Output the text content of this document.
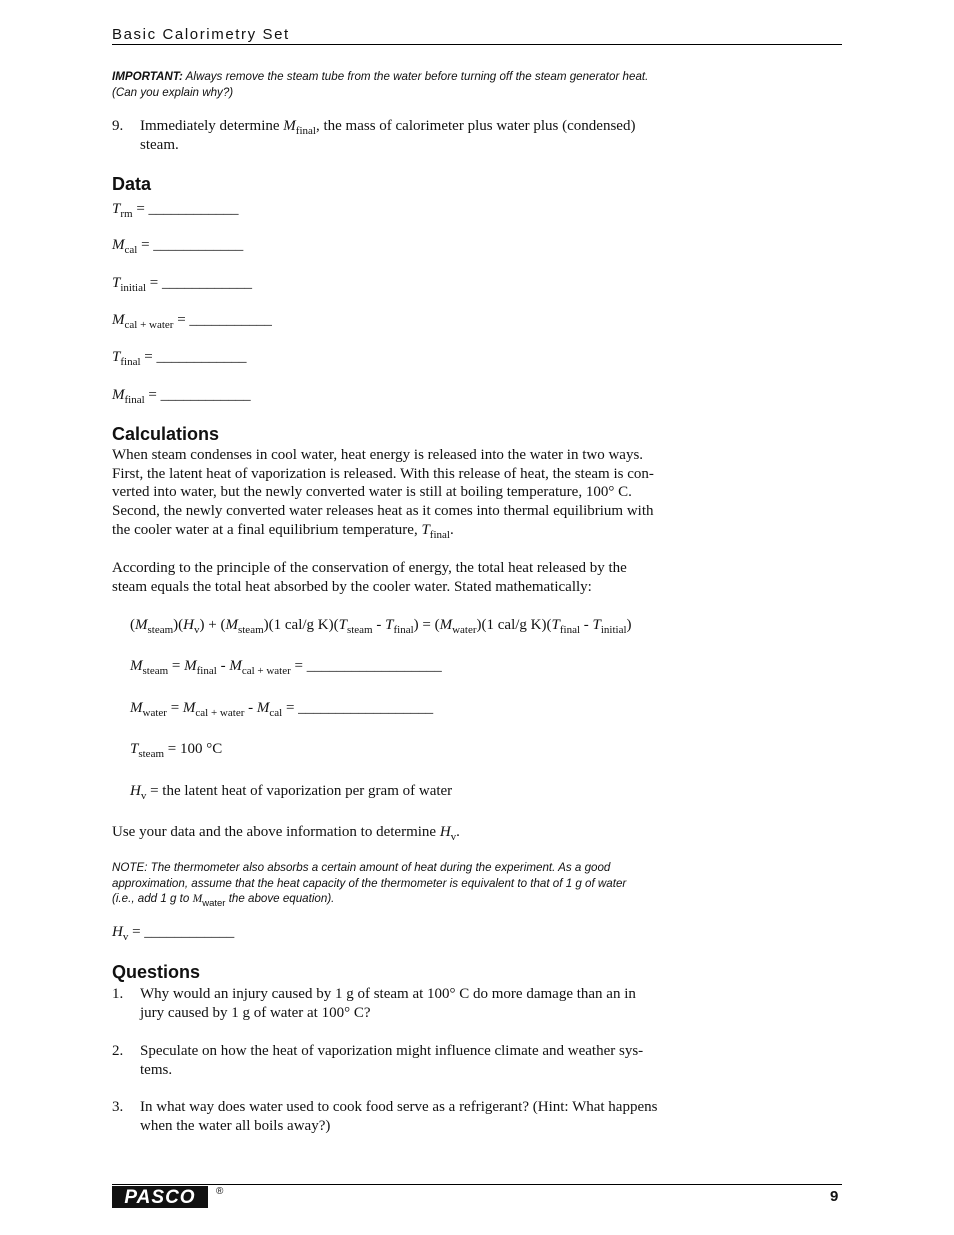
Basic Calorimetry Set
IMPORTANT: Always remove the steam tube from the water before turning off the steam generator heat. (Can you explain why?)
9. Immediately determine $M_{final}$, the mass of calorimeter plus water plus (condensed)
steam.
Data
$T_{rm}$ = ____________
$M_{cal}$ = ____________
$T_{initial}$ = ____________
$M_{cal + water}$ = ___________
$T_{final}$ = ____________
$M_{final}$ = ____________
Calculations
When steam condenses in cool water, heat energy is released into the water in two ways.
First, the latent heat of vaporization is released. With this release of heat, the steam is con-
verted into water, but the newly converted water is still at boiling temperature, 100° C.
Second, the newly converted water releases heat as it comes into thermal equilibrium with
the cooler water at a final equilibrium temperature, $T_{final}$.
According to the principle of the conservation of energy, the total heat released by the
steam equals the total heat absorbed by the cooler water. Stated mathematically:
$(M_{steam})(H_v) + (M_{steam})(1$ cal/g $K)(T_{steam} - T_{final}) = (M_{water})(1$ cal/g $K)(T_{final} - T_{initial})$
$M_{steam} = M_{final} - M_{cal + water}$ = __________________
$M_{water} = M_{cal + water} - M_{cal}$ = __________________
$T_{steam} = 100$ °C
$H_v$ = the latent heat of vaporization per gram of water
Use your data and the above information to determine $H_v$.
NOTE: The thermometer also absorbs a certain amount of heat during the experiment. As a good
approximation, assume that the heat capacity of the thermometer is equivalent to that of 1 g of water
(i.e., add 1 g to $M_{water}$ the above equation).
$H_v$ = ____________
Questions
1. Why would an injury caused by 1 g of steam at 100° C do more damage than an in
jury caused by 1 g of water at 100° C?
2. Speculate on how the heat of vaporization might influence climate and weather sys-
tems.
3. In what way does water used to cook food serve as a refrigerant? (Hint: What happens
when the water all boils away?)
PASCO ®	9
